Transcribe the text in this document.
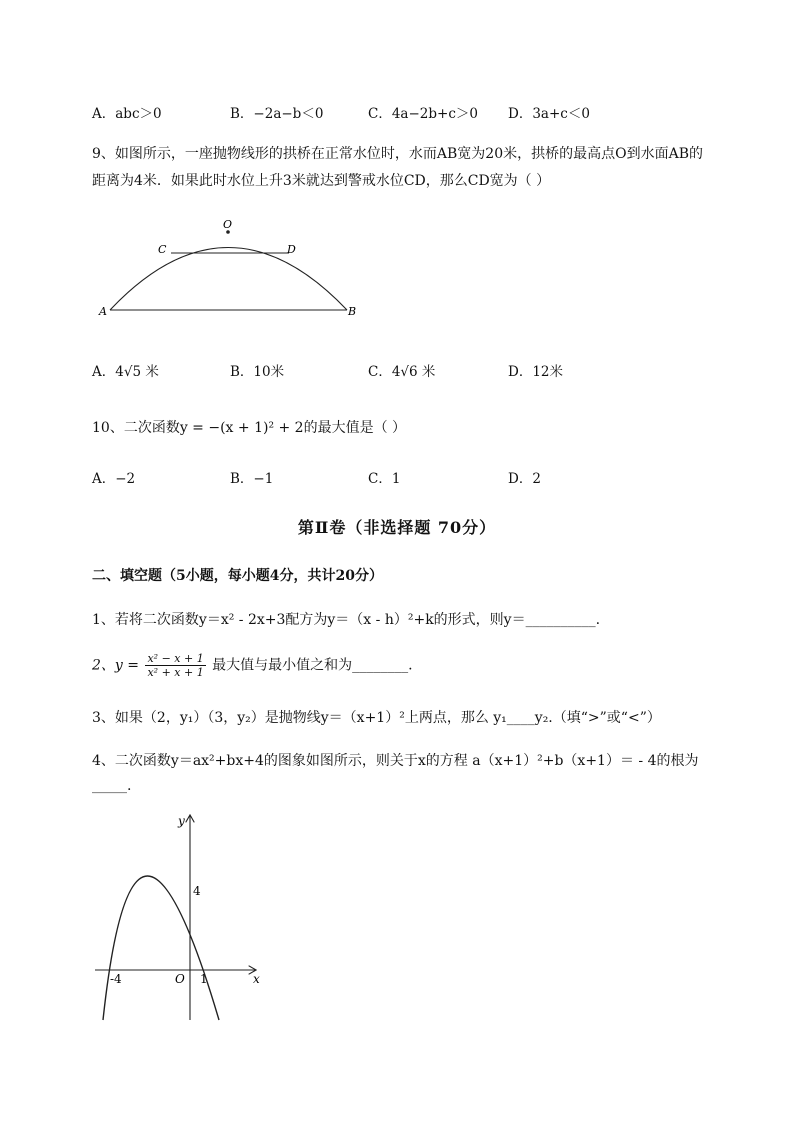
A．abc＞0	B．−2a−b＜0	C．4a−2b+c＞0 D．3a+c＜0
9、如图所示，一座抛物线形的拱桥在正常水位时，水而AB宽为20米，拱桥的最高点O到水面AB的
距离为4米．如果此时水位上升3米就达到警戒水位CD，那么CD宽为（ ）
O
C	D
A	B
A．4√5 米	B．10米	C．4√6 米	D．12米
10、二次函数y = −(x + 1)² + 2的最大值是（ ）
A．−2	B．−1	C．1	D．2
第Ⅱ卷（非选择题 70分）
二、填空题（5小题，每小题4分，共计20分）
1、若将二次函数y＝x² - 2x+3配方为y＝（x - h）²+k的形式，则y＝__________.
2、$y = \frac{\text{x² − x + 1}}{\text{x² + x + 1}}$ 最大值与最小值之和为________.
3、如果（2，y₁）（3，y₂）是抛物线y＝（x+1）²上两点，那么 y₁____y₂.（填“>”或“<”）
4、二次函数y＝ax²+bx+4的图象如图所示，则关于x的方程 a（x+1）²+b（x+1）＝ - 4的根为
_____.
y
x
O
4
-4	1
